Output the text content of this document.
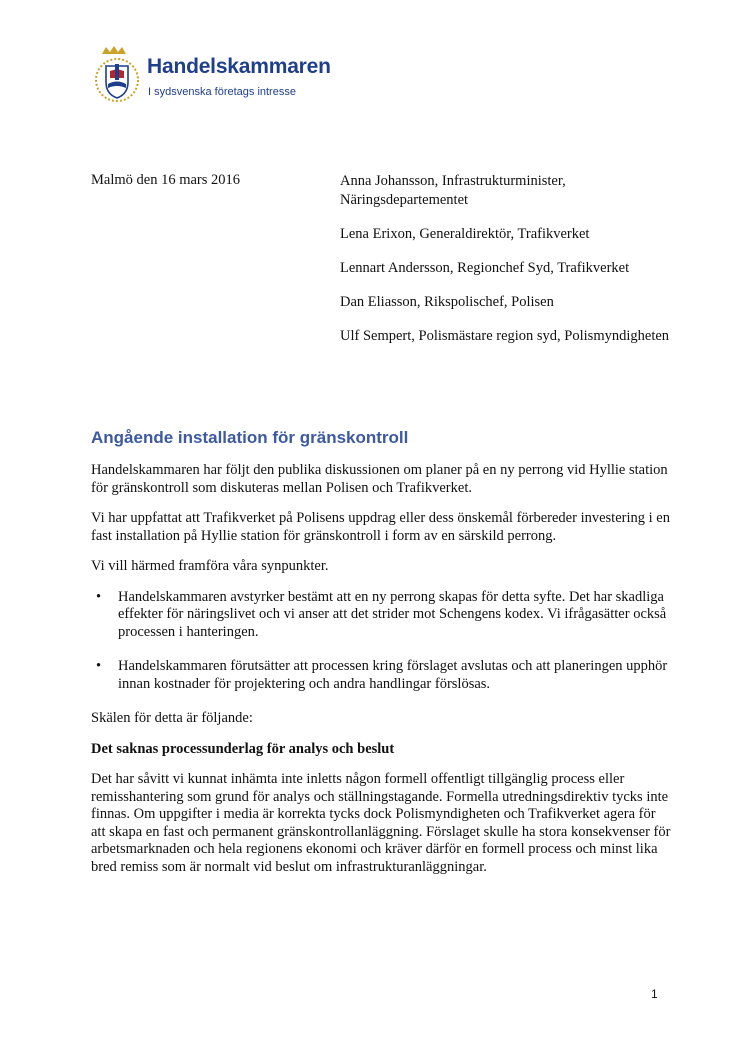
Handelskammaren
I sydsvenska företags intresse
Malmö den 16 mars 2016	Anna Johansson, Infrastrukturminister, Näringsdepartementet

Lena Erixon, Generaldirektör, Trafikverket

Lennart Andersson, Regionchef Syd, Trafikverket

Dan Eliasson, Rikspolischef, Polisen

Ulf Sempert, Polismästare region syd, Polismyndigheten

Angående installation för gränskontroll

Handelskammaren har följt den publika diskussionen om planer på en ny perrong vid Hyllie station för gränskontroll som diskuteras mellan Polisen och Trafikverket.

Vi har uppfattat att Trafikverket på Polisens uppdrag eller dess önskemål förbereder investering i en fast installation på Hyllie station för gränskontroll i form av en särskild perrong.

Vi vill härmed framföra våra synpunkter.

• Handelskammaren avstyrker bestämt att en ny perrong skapas för detta syfte. Det har skadliga effekter för näringslivet och vi anser att det strider mot Schengens kodex. Vi ifrågasätter också processen i hanteringen.
• Handelskammaren förutsätter att processen kring förslaget avslutas och att planeringen upphör innan kostnader för projektering och andra handlingar förslösas.

Skälen för detta är följande:

Det saknas processunderlag för analys och beslut

Det har såvitt vi kunnat inhämta inte inletts någon formell offentligt tillgänglig process eller remisshantering som grund för analys och ställningstagande. Formella utredningsdirektiv tycks inte finnas. Om uppgifter i media är korrekta tycks dock Polismyndigheten och Trafikverket agera för att skapa en fast och permanent gränskontrollanläggning. Förslaget skulle ha stora konsekvenser för arbetsmarknaden och hela regionens ekonomi och kräver därför en formell process och minst lika bred remiss som är normalt vid beslut om infrastrukturanläggningar.

1
